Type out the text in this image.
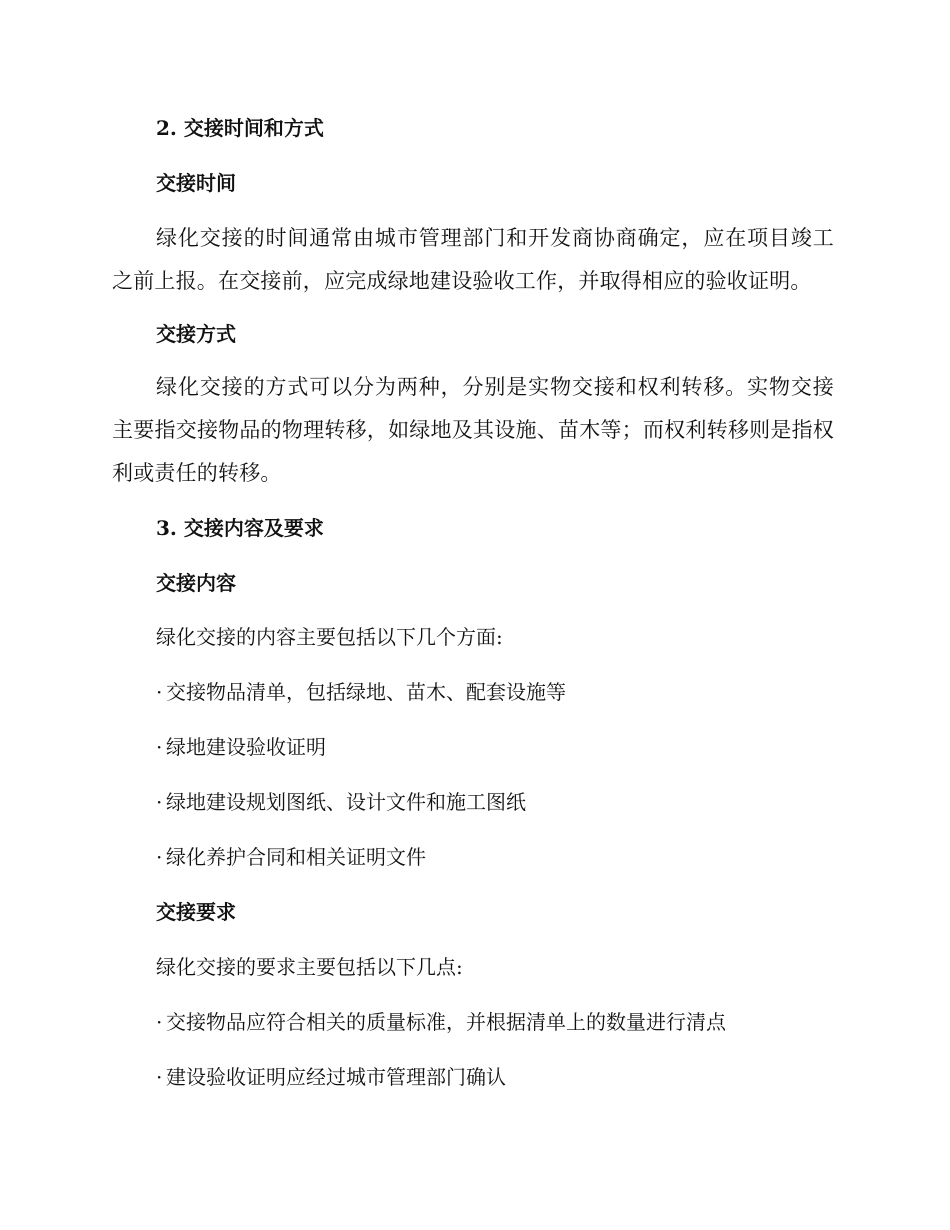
2. 交接时间和方式
交接时间
绿化交接的时间通常由城市管理部门和开发商协商确定，应在项目竣工之前上报。在交接前，应完成绿地建设验收工作，并取得相应的验收证明。
交接方式
绿化交接的方式可以分为两种，分别是实物交接和权利转移。实物交接主要指交接物品的物理转移，如绿地及其设施、苗木等；而权利转移则是指权利或责任的转移。
3. 交接内容及要求
交接内容
绿化交接的内容主要包括以下几个方面:
· 交接物品清单，包括绿地、苗木、配套设施等
· 绿地建设验收证明
· 绿地建设规划图纸、设计文件和施工图纸
· 绿化养护合同和相关证明文件
交接要求
绿化交接的要求主要包括以下几点:
· 交接物品应符合相关的质量标准，并根据清单上的数量进行清点
· 建设验收证明应经过城市管理部门确认
